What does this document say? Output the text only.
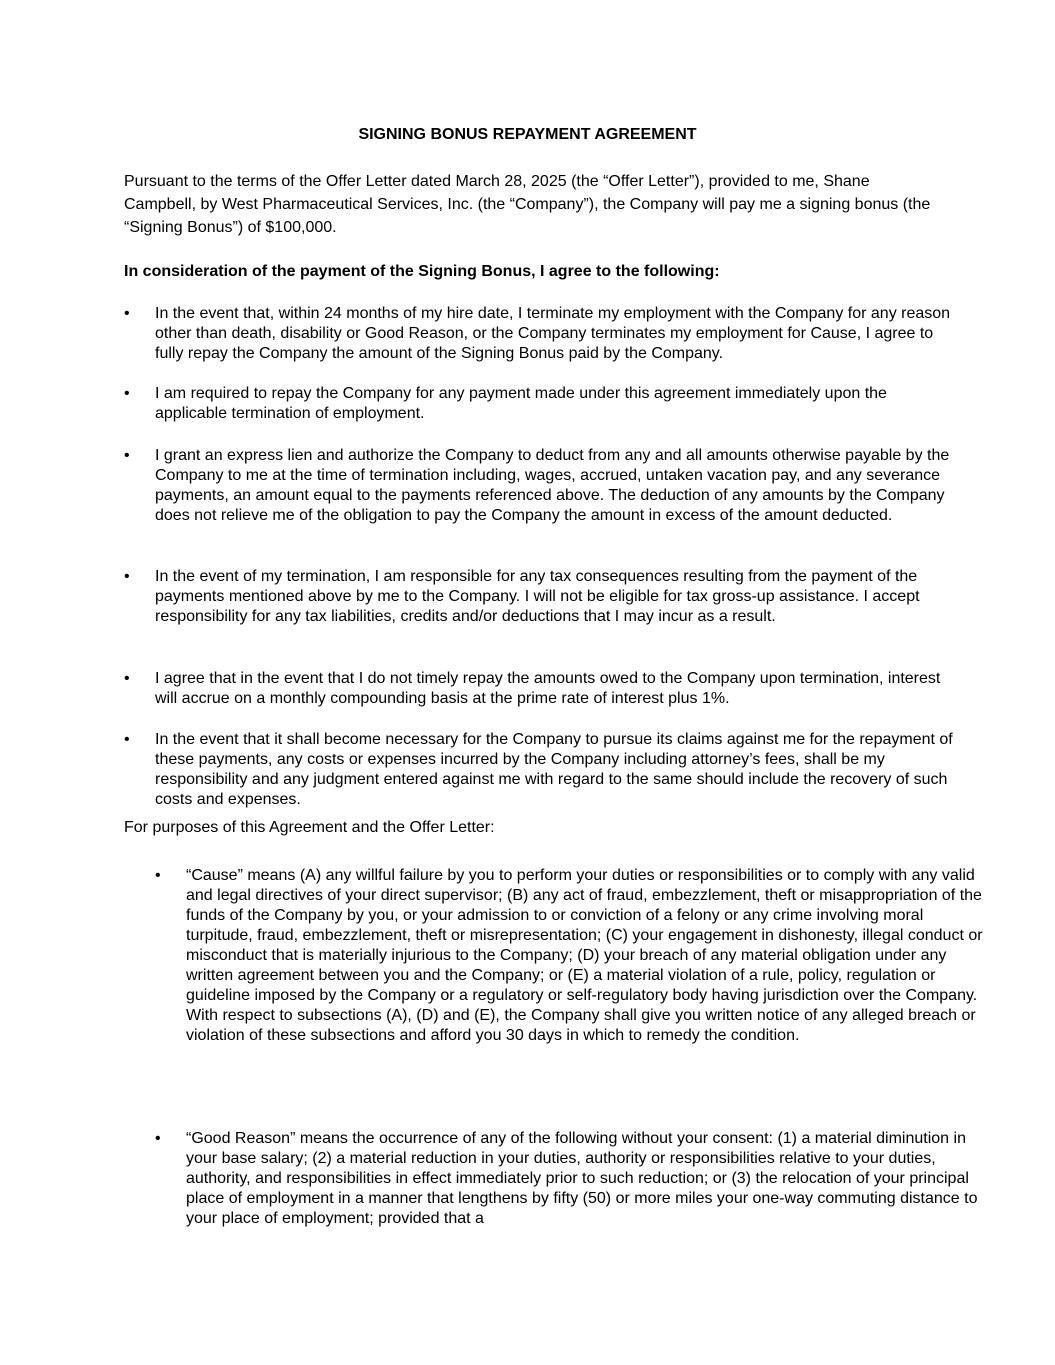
SIGNING BONUS REPAYMENT AGREEMENT
Pursuant to the terms of the Offer Letter dated March 28, 2025 (the “Offer Letter”), provided to me, Shane Campbell, by West Pharmaceutical Services, Inc. (the “Company”), the Company will pay me a signing bonus (the “Signing Bonus”) of $100,000.
In consideration of the payment of the Signing Bonus, I agree to the following:
•	In the event that, within 24 months of my hire date, I terminate my employment with the Company for any reason other than death, disability or Good Reason, or the Company terminates my employment for Cause, I agree to fully repay the Company the amount of the Signing Bonus paid by the Company.
•	I am required to repay the Company for any payment made under this agreement immediately upon the applicable termination of employment.
•	I grant an express lien and authorize the Company to deduct from any and all amounts otherwise payable by the Company to me at the time of termination including, wages, accrued, untaken vacation pay, and any severance payments, an amount equal to the payments referenced above. The deduction of any amounts by the Company does not relieve me of the obligation to pay the Company the amount in excess of the amount deducted.
•	In the event of my termination, I am responsible for any tax consequences resulting from the payment of the payments mentioned above by me to the Company. I will not be eligible for tax gross-up assistance. I accept responsibility for any tax liabilities, credits and/or deductions that I may incur as a result.
•	I agree that in the event that I do not timely repay the amounts owed to the Company upon termination, interest will accrue on a monthly compounding basis at the prime rate of interest plus 1%.
•	In the event that it shall become necessary for the Company to pursue its claims against me for the repayment of these payments, any costs or expenses incurred by the Company including attorney’s fees, shall be my responsibility and any judgment entered against me with regard to the same should include the recovery of such costs and expenses.
For purposes of this Agreement and the Offer Letter:
•	“Cause” means (A) any willful failure by you to perform your duties or responsibilities or to comply with any valid and legal directives of your direct supervisor; (B) any act of fraud, embezzlement, theft or misappropriation of the funds of the Company by you, or your admission to or conviction of a felony or any crime involving moral turpitude, fraud, embezzlement, theft or misrepresentation; (C) your engagement in dishonesty, illegal conduct or misconduct that is materially injurious to the Company; (D) your breach of any material obligation under any written agreement between you and the Company; or (E) a material violation of a rule, policy, regulation or guideline imposed by the Company or a regulatory or self-regulatory body having jurisdiction over the Company. With respect to subsections (A), (D) and (E), the Company shall give you written notice of any alleged breach or violation of these subsections and afford you 30 days in which to remedy the condition.
•	“Good Reason” means the occurrence of any of the following without your consent: (1) a material diminution in your base salary; (2) a material reduction in your duties, authority or responsibilities relative to your duties, authority, and responsibilities in effect immediately prior to such reduction; or (3) the relocation of your principal place of employment in a manner that lengthens by fifty (50) or more miles your one-way commuting distance to your place of employment; provided that a
